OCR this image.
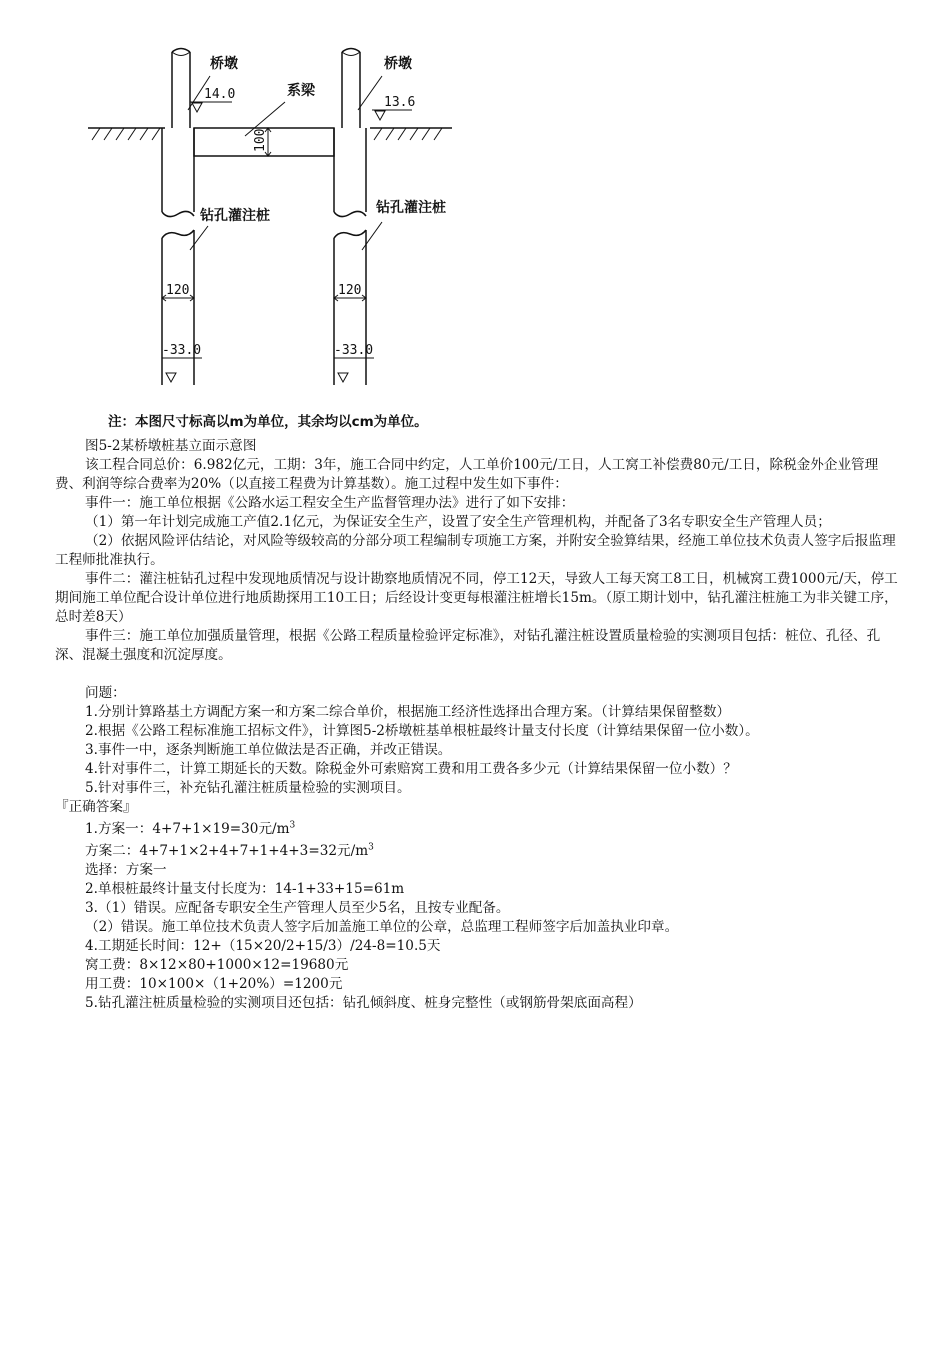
桥墩	桥墩
系梁
钻孔灌注桩	钻孔灌注桩
14.0
13.6
100
120	120
-33.0	-33.0
注：本图尺寸标高以m为单位，其余均以cm为单位。

图5-2某桥墩桩基立面示意图

该工程合同总价：6.982亿元，工期：3年，施工合同中约定，人工单价100元/工日，人工窝工补偿费80元/工日，除税金外企业管理费、利润等综合费率为20%（以直接工程费为计算基数）。施工过程中发生如下事件：

事件一：施工单位根据《公路水运工程安全生产监督管理办法》进行了如下安排：

（1）第一年计划完成施工产值2.1亿元，为保证安全生产，设置了安全生产管理机构，并配备了3名专职安全生产管理人员；

（2）依据风险评估结论，对风险等级较高的分部分项工程编制专项施工方案，并附安全验算结果，经施工单位技术负责人签字后报监理工程师批准执行。

事件二：灌注桩钻孔过程中发现地质情况与设计勘察地质情况不同，停工12天，导致人工每天窝工8工日，机械窝工费1000元/天，停工期间施工单位配合设计单位进行地质勘探用工10工日；后经设计变更每根灌注桩增长15m。（原工期计划中，钻孔灌注桩施工为非关键工序，总时差8天）

事件三：施工单位加强质量管理，根据《公路工程质量检验评定标准》，对钻孔灌注桩设置质量检验的实测项目包括：桩位、孔径、孔深、混凝土强度和沉淀厚度。

问题：

1.分别计算路基土方调配方案一和方案二综合单价，根据施工经济性选择出合理方案。（计算结果保留整数）

2.根据《公路工程标准施工招标文件》，计算图5-2桥墩桩基单根桩最终计量支付长度（计算结果保留一位小数）。

3.事件一中，逐条判断施工单位做法是否正确，并改正错误。

4.针对事件二，计算工期延长的天数。除税金外可索赔窝工费和用工费各多少元（计算结果保留一位小数）？

5.针对事件三，补充钻孔灌注桩质量检验的实测项目。

『正确答案』

1.方案一：4+7+1×19=30元$/m^3$

方案二：4+7+1×2+4+7+1+4+3=32元$/m^3$

选择：方案一

2.单根桩最终计量支付长度为：14-1+33+15=61m

3.（1）错误。应配备专职安全生产管理人员至少5名，且按专业配备。

（2）错误。施工单位技术负责人签字后加盖施工单位的公章，总监理工程师签字后加盖执业印章。

4.工期延长时间：12+（15×20/2+15/3）/24-8=10.5天

窝工费：8×12×80+1000×12=19680元

用工费：10×100×（1+20%）=1200元

5.钻孔灌注桩质量检验的实测项目还包括：钻孔倾斜度、桩身完整性（或钢筋骨架底面高程）
